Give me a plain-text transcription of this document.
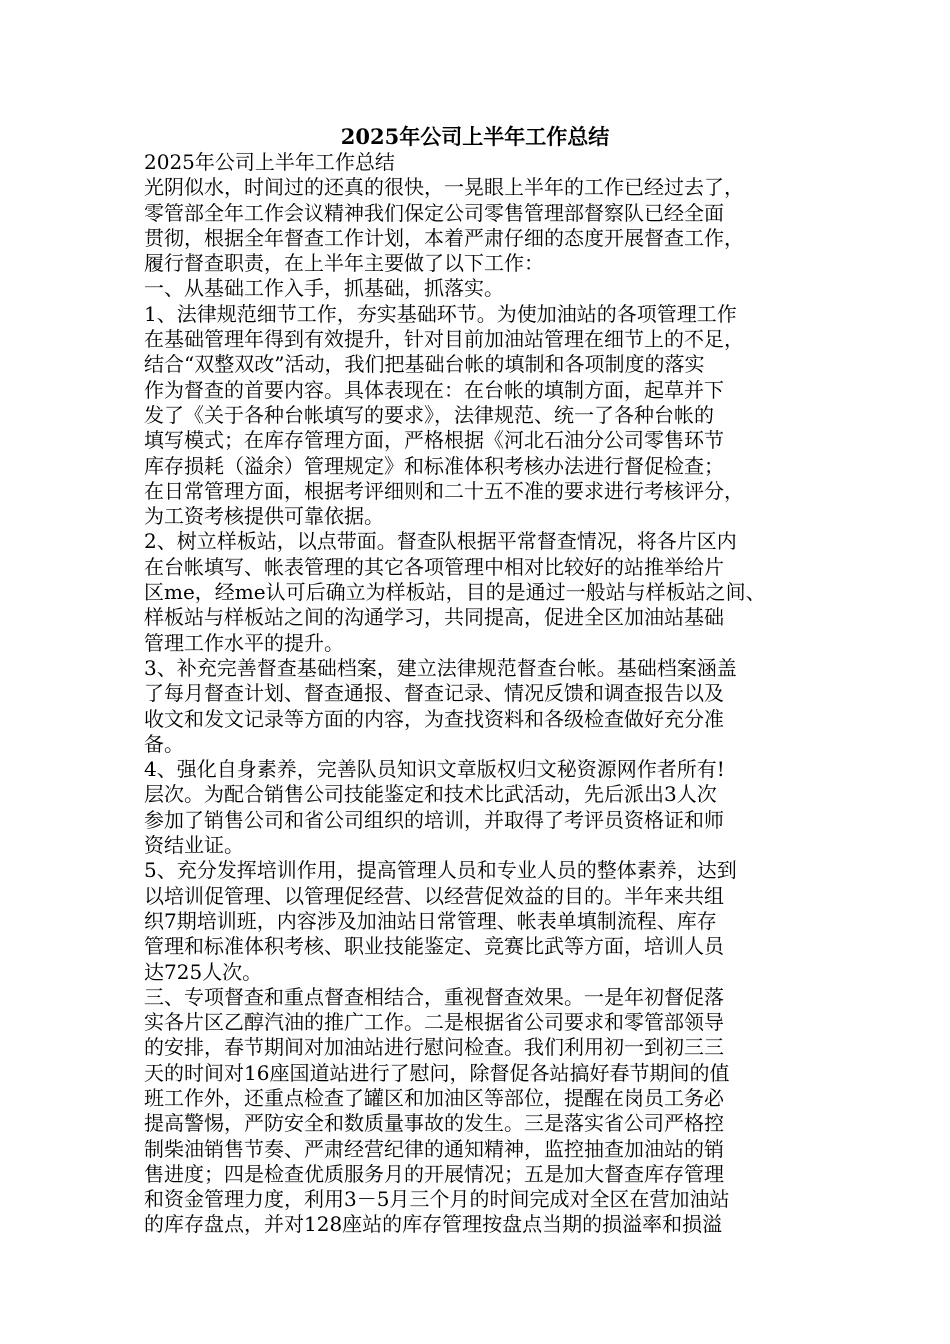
2025年公司上半年工作总结
2025年公司上半年工作总结
光阴似水，时间过的还真的很快，一晃眼上半年的工作已经过去了，
零管部全年工作会议精神我们保定公司零售管理部督察队已经全面
贯彻，根据全年督查工作计划，本着严肃仔细的态度开展督查工作，
履行督查职责，在上半年主要做了以下工作：
一、从基础工作入手，抓基础，抓落实。
1、法律规范细节工作，夯实基础环节。为使加油站的各项管理工作
在基础管理年得到有效提升，针对目前加油站管理在细节上的不足，
结合“双整双改”活动，我们把基础台帐的填制和各项制度的落实
作为督查的首要内容。具体表现在：在台帐的填制方面，起草并下
发了《关于各种台帐填写的要求》，法律规范、统一了各种台帐的
填写模式；在库存管理方面，严格根据《河北石油分公司零售环节
库存损耗（溢余）管理规定》和标准体积考核办法进行督促检查；
在日常管理方面，根据考评细则和二十五不准的要求进行考核评分，
为工资考核提供可靠依据。
2、树立样板站，以点带面。督查队根据平常督查情况，将各片区内
在台帐填写、帐表管理的其它各项管理中相对比较好的站推举给片
区me，经me认可后确立为样板站，目的是通过一般站与样板站之间、
样板站与样板站之间的沟通学习，共同提高，促进全区加油站基础
管理工作水平的提升。
3、补充完善督查基础档案，建立法律规范督查台帐。基础档案涵盖
了每月督查计划、督查通报、督查记录、情况反馈和调查报告以及
收文和发文记录等方面的内容，为查找资料和各级检查做好充分准
备。
4、强化自身素养，完善队员知识文章版权归文秘资源网作者所有!
层次。为配合销售公司技能鉴定和技术比武活动，先后派出3人次
参加了销售公司和省公司组织的培训，并取得了考评员资格证和师
资结业证。
5、充分发挥培训作用，提高管理人员和专业人员的整体素养，达到
以培训促管理、以管理促经营、以经营促效益的目的。半年来共组
织7期培训班，内容涉及加油站日常管理、帐表单填制流程、库存
管理和标准体积考核、职业技能鉴定、竞赛比武等方面，培训人员
达725人次。
三、专项督查和重点督查相结合，重视督查效果。一是年初督促落
实各片区乙醇汽油的推广工作。二是根据省公司要求和零管部领导
的安排，春节期间对加油站进行慰问检查。我们利用初一到初三三
天的时间对16座国道站进行了慰问，除督促各站搞好春节期间的值
班工作外，还重点检查了罐区和加油区等部位，提醒在岗员工务必
提高警惕，严防安全和数质量事故的发生。三是落实省公司严格控
制柴油销售节奏、严肃经营纪律的通知精神，监控抽查加油站的销
售进度；四是检查优质服务月的开展情况；五是加大督查库存管理
和资金管理力度，利用3－5月三个月的时间完成对全区在营加油站
的库存盘点，并对128座站的库存管理按盘点当期的损溢率和损溢
